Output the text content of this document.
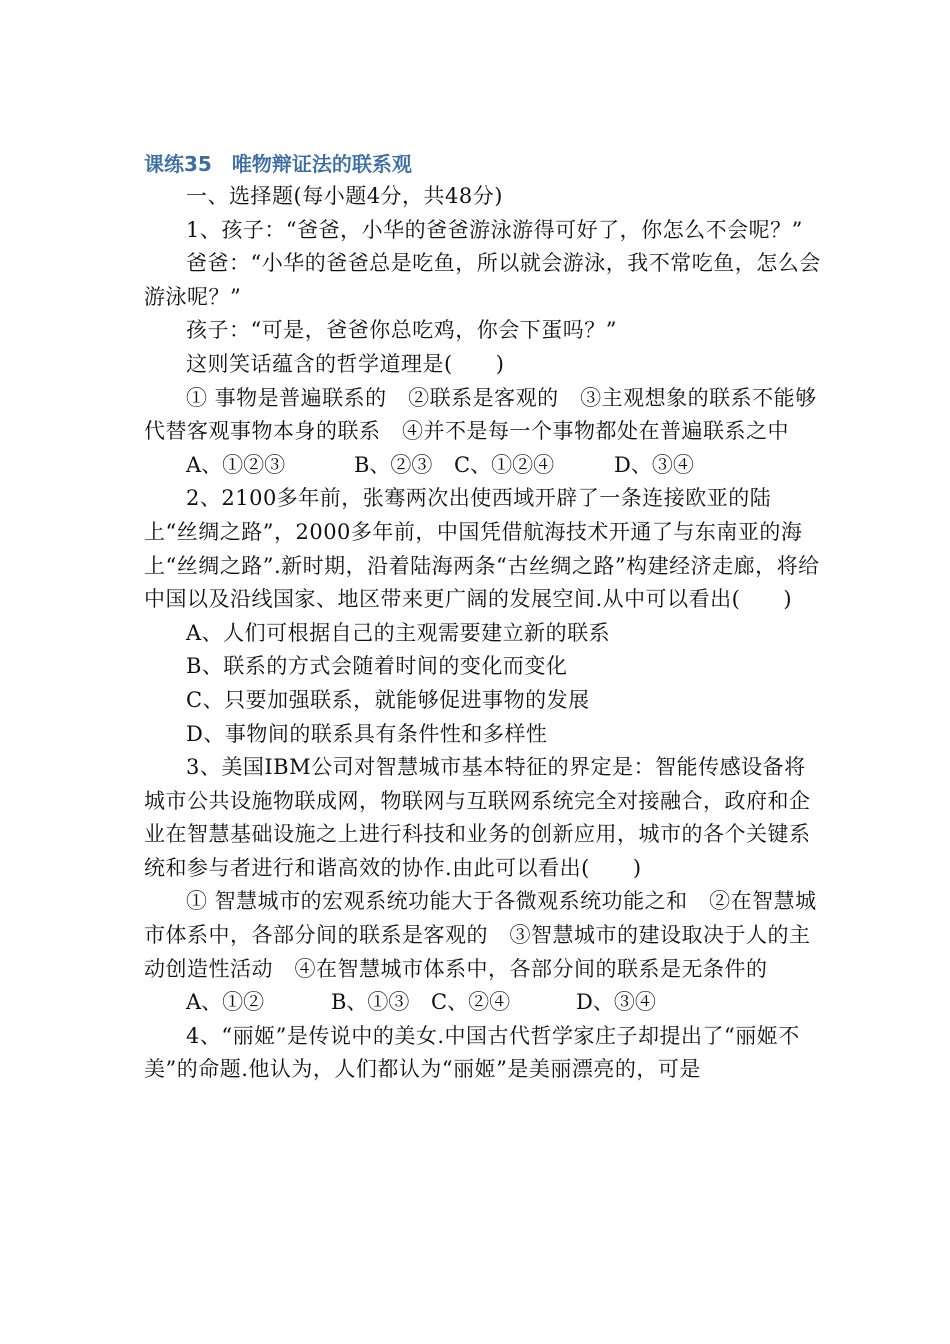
课练35　唯物辩证法的联系观

一、选择题(每小题4分，共48分)

1、孩子：“爸爸，小华的爸爸游泳游得可好了，你怎么不会呢？”

爸爸：“小华的爸爸总是吃鱼，所以就会游泳，我不常吃鱼，怎么会游泳呢？”

孩子：“可是，爸爸你总吃鸡，你会下蛋吗？”

这则笑话蕴含的哲学道理是(　　)

① 事物是普遍联系的　②联系是客观的　③主观想象的联系不能够代替客观事物本身的联系　④并不是每一个事物都处在普遍联系之中

A、①②③	B、②③	C、①②④	D、③④

2、2100多年前，张骞两次出使西域开辟了一条连接欧亚的陆上“丝绸之路”，2000多年前，中国凭借航海技术开通了与东南亚的海上“丝绸之路”.新时期，沿着陆海两条“古丝绸之路”构建经济走廊，将给中国以及沿线国家、地区带来更广阔的发展空间.从中可以看出(　　)

A、人们可根据自己的主观需要建立新的联系

B、联系的方式会随着时间的变化而变化

C、只要加强联系，就能够促进事物的发展

D、事物间的联系具有条件性和多样性

3、美国IBM公司对智慧城市基本特征的界定是：智能传感设备将城市公共设施物联成网，物联网与互联网系统完全对接融合，政府和企业在智慧基础设施之上进行科技和业务的创新应用，城市的各个关键系统和参与者进行和谐高效的协作.由此可以看出(　　)

① 智慧城市的宏观系统功能大于各微观系统功能之和　②在智慧城市体系中，各部分间的联系是客观的　③智慧城市的建设取决于人的主动创造性活动　④在智慧城市体系中，各部分间的联系是无条件的

A、①②	B、①③	C、②④	D、③④

4、“丽姬”是传说中的美女.中国古代哲学家庄子却提出了“丽姬不美”的命题.他认为，人们都认为“丽姬”是美丽漂亮的，可是
